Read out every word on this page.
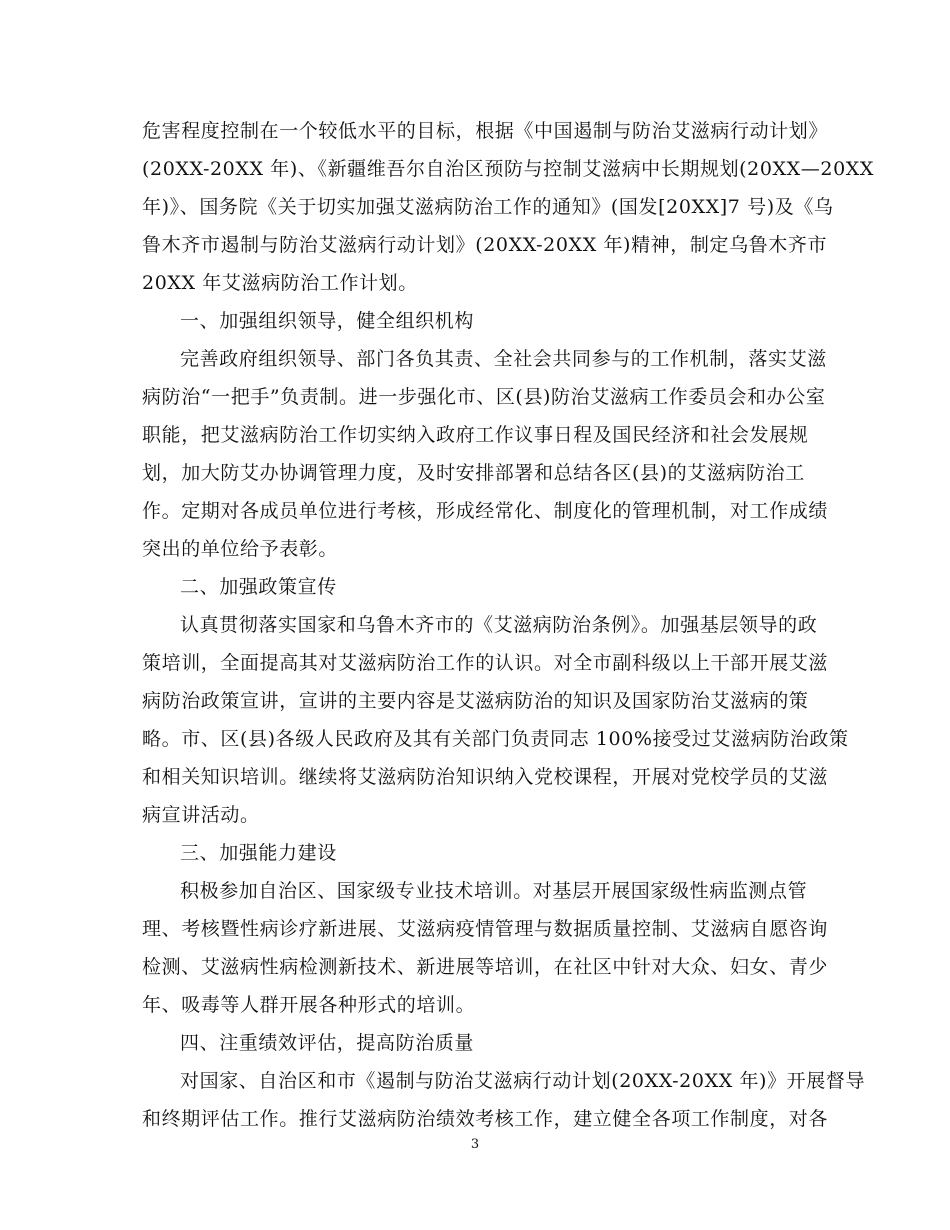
危害程度控制在一个较低水平的目标，根据《中国遏制与防治艾滋病行动计划》
(20XX-20XX 年)、《新疆维吾尔自治区预防与控制艾滋病中长期规划(20XX—20XX
年)》、国务院《关于切实加强艾滋病防治工作的通知》(国发[20XX]7 号)及《乌
鲁木齐市遏制与防治艾滋病行动计划》(20XX-20XX 年)精神，制定乌鲁木齐市
20XX 年艾滋病防治工作计划。
一、加强组织领导，健全组织机构
完善政府组织领导、部门各负其责、全社会共同参与的工作机制，落实艾滋
病防治“一把手”负责制。进一步强化市、区(县)防治艾滋病工作委员会和办公室
职能，把艾滋病防治工作切实纳入政府工作议事日程及国民经济和社会发展规
划，加大防艾办协调管理力度，及时安排部署和总结各区(县)的艾滋病防治工
作。定期对各成员单位进行考核，形成经常化、制度化的管理机制，对工作成绩
突出的单位给予表彰。
二、加强政策宣传
认真贯彻落实国家和乌鲁木齐市的《艾滋病防治条例》。加强基层领导的政
策培训，全面提高其对艾滋病防治工作的认识。对全市副科级以上干部开展艾滋
病防治政策宣讲，宣讲的主要内容是艾滋病防治的知识及国家防治艾滋病的策
略。市、区(县)各级人民政府及其有关部门负责同志 100%接受过艾滋病防治政策
和相关知识培训。继续将艾滋病防治知识纳入党校课程，开展对党校学员的艾滋
病宣讲活动。
三、加强能力建设
积极参加自治区、国家级专业技术培训。对基层开展国家级性病监测点管
理、考核暨性病诊疗新进展、艾滋病疫情管理与数据质量控制、艾滋病自愿咨询
检测、艾滋病性病检测新技术、新进展等培训，在社区中针对大众、妇女、青少
年、吸毒等人群开展各种形式的培训。
四、注重绩效评估，提高防治质量
对国家、自治区和市《遏制与防治艾滋病行动计划(20XX-20XX 年)》开展督导
和终期评估工作。推行艾滋病防治绩效考核工作，建立健全各项工作制度，对各
3
